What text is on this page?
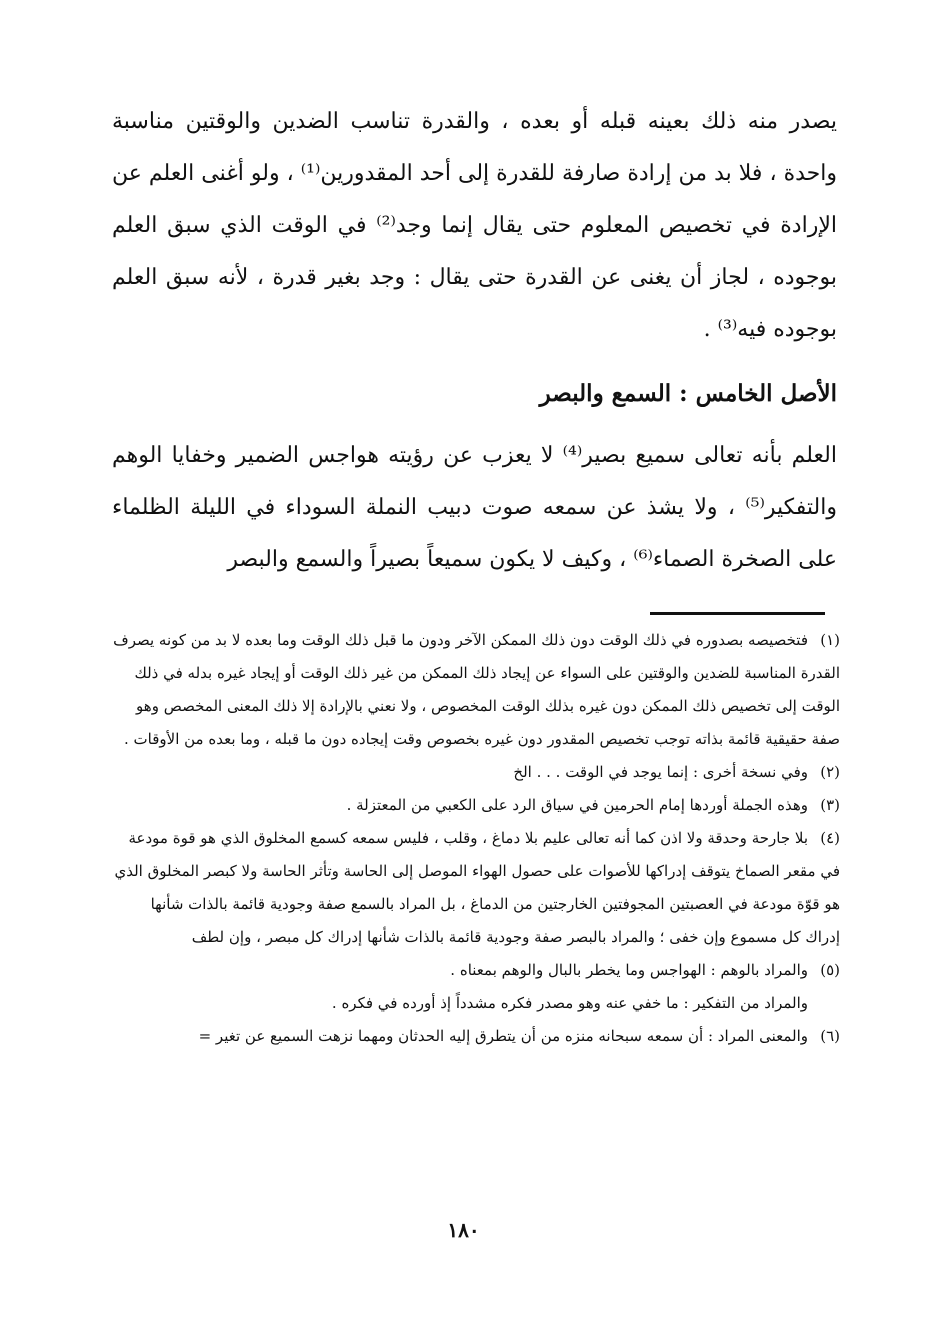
يصدر منه ذلك بعينه قبله أو بعده ، والقدرة تناسب الضدين والوقتين مناسبة واحدة ، فلا بد من إرادة صارفة للقدرة إلى أحد المقدورين⁽¹⁾ ، ولو أغنى العلم عن الإرادة في تخصيص المعلوم حتى يقال إنما وجد⁽²⁾ في الوقت الذي سبق العلم بوجوده ، لجاز أن يغنى عن القدرة حتى يقال : وجد بغير قدرة ، لأنه سبق العلم بوجوده فيه⁽³⁾ .

الأصل الخامس : السمع والبصر

العلم بأنه تعالى سميع بصير⁽⁴⁾ لا يعزب عن رؤيته هواجس الضمير وخفايا الوهم والتفكير⁽⁵⁾ ، ولا يشذ عن سمعه صوت دبيب النملة السوداء في الليلة الظلماء على الصخرة الصماء⁽⁶⁾ ، وكيف لا يكون سميعاً بصيراً والسمع والبصر

(١)فتخصيصه بصدوره في ذلك الوقت دون ذلك الممكن الآخر ودون ما قبل ذلك الوقت وما بعده لا بد من كونه يصرف القدرة المناسبة للضدين والوقتين على السواء عن إيجاد ذلك الممكن من غير ذلك الوقت أو إيجاد غيره بدله في ذلك الوقت إلى تخصيص ذلك الممكن دون غيره بذلك الوقت المخصوص ، ولا نعني بالإرادة إلا ذلك المعنى المخصص وهو صفة حقيقية قائمة بذاته توجب تخصيص المقدور دون غيره بخصوص وقت إيجاده دون ما قبله ، وما بعده من الأوقات .

(٢)وفي نسخة أخرى : إنما يوجد في الوقت . . . الخ

(٣)وهذه الجملة أوردها إمام الحرمين في سياق الرد على الكعبي من المعتزلة .

(٤)بلا جارحة وحدقة ولا اذن كما أنه تعالى عليم بلا دماغ ، وقلب ، فليس سمعه كسمع المخلوق الذي هو قوة مودعة في مقعر الصماخ يتوقف إدراكها للأصوات على حصول الهواء الموصل إلى الحاسة وتأثر الحاسة ولا كبصر المخلوق الذي هو قوّة مودعة في العصبتين المجوفتين الخارجتين من الدماغ ، بل المراد بالسمع صفة وجودية قائمة بالذات شأنها إدراك كل مسموع وإن خفى ؛ والمراد بالبصر صفة وجودية قائمة بالذات شأنها إدراك كل مبصر ، وإن لطف

(٥)والمراد بالوهم : الهواجس وما يخطر بالبال والوهم بمعناه .

والمراد من التفكير : ما خفي عنه وهو مصدر فكره مشدداً إذ أورده في فكره .

(٦)والمعنى المراد : أن سمعه سبحانه منزه من أن يتطرق إليه الحدثان ومهما نزهت السميع عن تغير =

١٨٠
